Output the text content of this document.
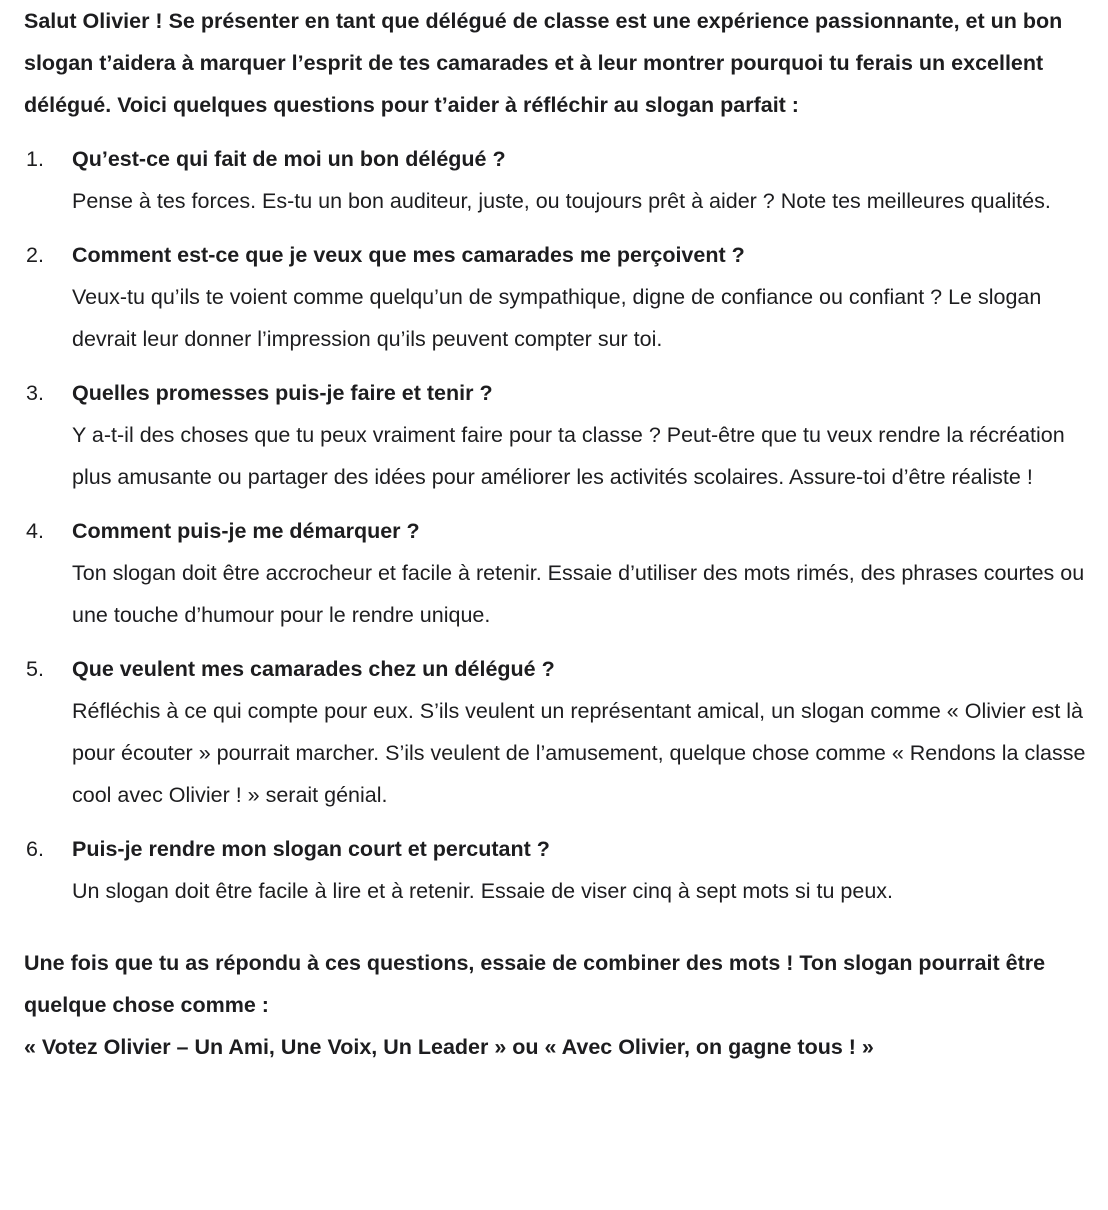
Salut Olivier ! Se présenter en tant que délégué de classe est une expérience passionnante, et un bon slogan t’aidera à marquer l’esprit de tes camarades et à leur montrer pourquoi tu ferais un excellent délégué. Voici quelques questions pour t’aider à réfléchir au slogan parfait :

1. Qu’est-ce qui fait de moi un bon délégué ?
Pense à tes forces. Es-tu un bon auditeur, juste, ou toujours prêt à aider ? Note tes meilleures qualités.
2. Comment est-ce que je veux que mes camarades me perçoivent ?
Veux-tu qu’ils te voient comme quelqu’un de sympathique, digne de confiance ou confiant ? Le slogan devrait leur donner l’impression qu’ils peuvent compter sur toi.
3. Quelles promesses puis-je faire et tenir ?
Y a-t-il des choses que tu peux vraiment faire pour ta classe ? Peut-être que tu veux rendre la récréation plus amusante ou partager des idées pour améliorer les activités scolaires. Assure-toi d’être réaliste !
4. Comment puis-je me démarquer ?
Ton slogan doit être accrocheur et facile à retenir. Essaie d’utiliser des mots rimés, des phrases courtes ou une touche d’humour pour le rendre unique.
5. Que veulent mes camarades chez un délégué ?
Réfléchis à ce qui compte pour eux. S’ils veulent un représentant amical, un slogan comme « Olivier est là pour écouter » pourrait marcher. S’ils veulent de l’amusement, quelque chose comme « Rendons la classe cool avec Olivier ! » serait génial.
6. Puis-je rendre mon slogan court et percutant ?
Un slogan doit être facile à lire et à retenir. Essaie de viser cinq à sept mots si tu peux.

Une fois que tu as répondu à ces questions, essaie de combiner des mots ! Ton slogan pourrait être quelque chose comme :

« Votez Olivier – Un Ami, Une Voix, Un Leader » ou « Avec Olivier, on gagne tous ! »
